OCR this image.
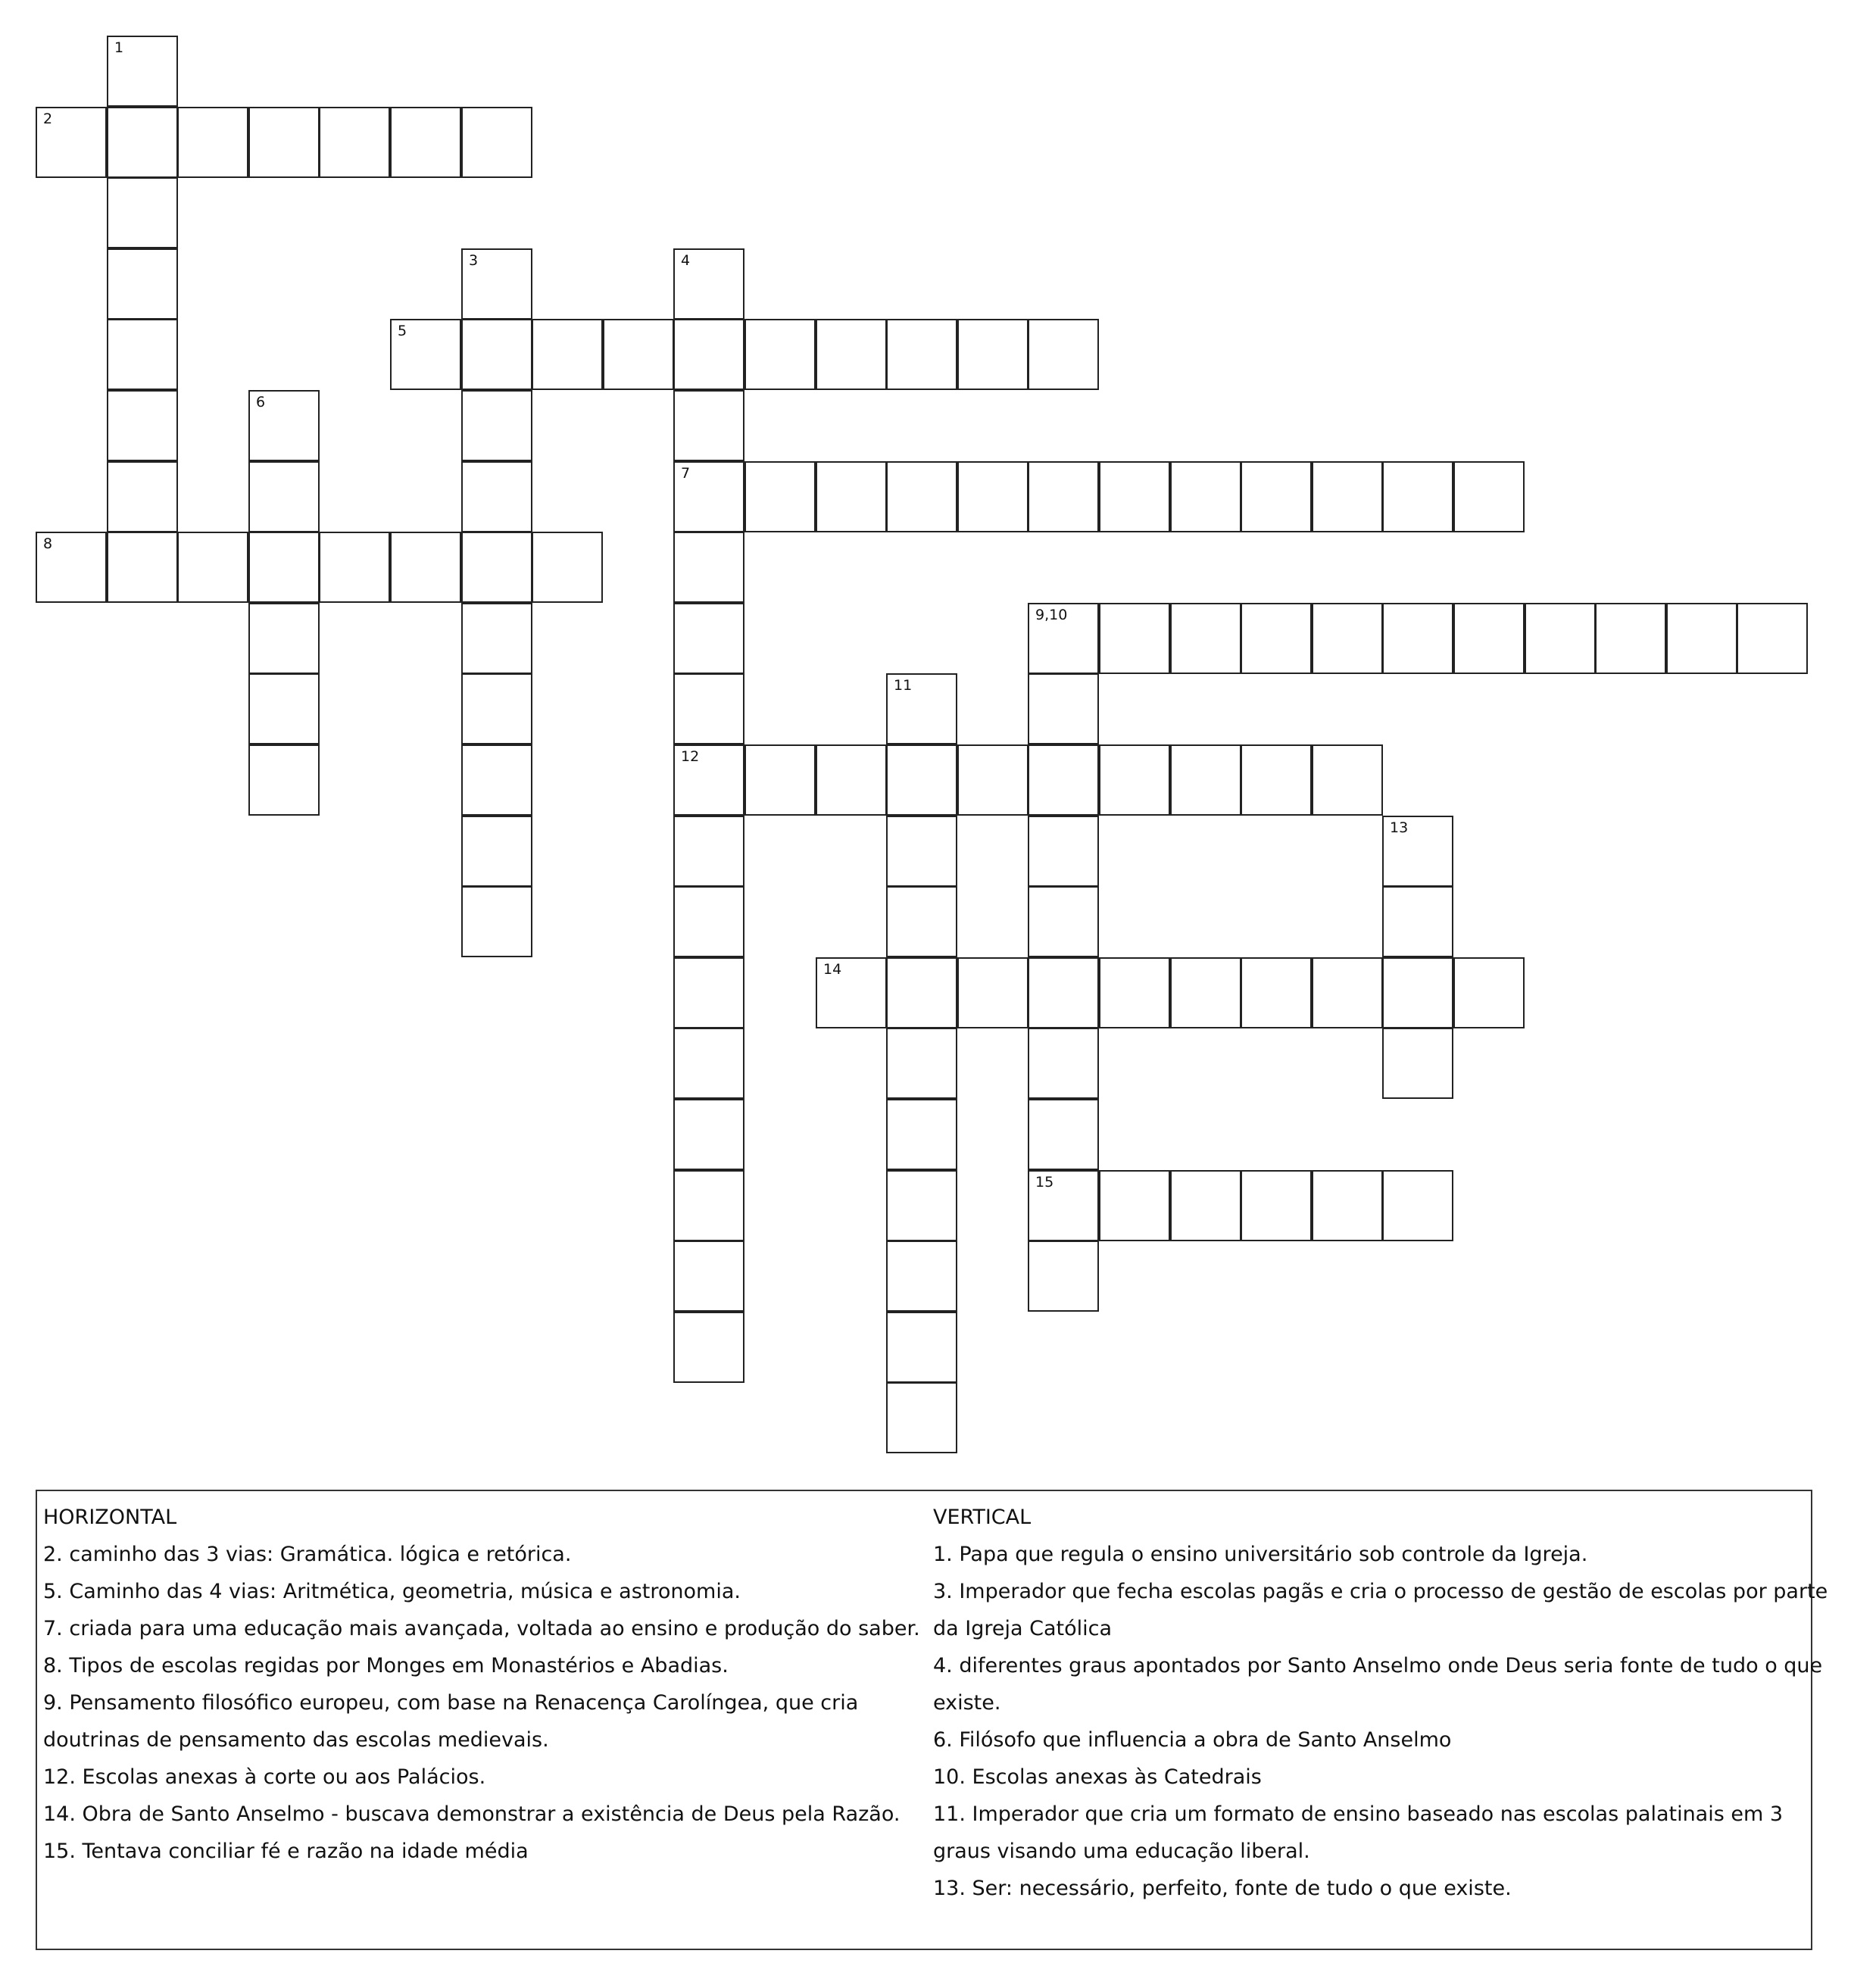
1
2
3	4
7
12
5
6
8
9,10
15
11
13
14
HORIZONTAL
2. caminho das 3 vias: Gramática. lógica e retórica.
5. Caminho das 4 vias: Aritmética, geometria, música e astronomia.
7. criada para uma educação mais avançada, voltada ao ensino e produção do saber.
8. Tipos de escolas regidas por Monges em Monastérios e Abadias.
9. Pensamento filosófico europeu, com base na Renacença Carolíngea, que cria
doutrinas de pensamento das escolas medievais.
12. Escolas anexas à corte ou aos Palácios.
14. Obra de Santo Anselmo - buscava demonstrar a existência de Deus pela Razão.
15. Tentava conciliar fé e razão na idade média
VERTICAL
1. Papa que regula o ensino universitário sob controle da Igreja.
3. Imperador que fecha escolas pagãs e cria o processo de gestão de escolas por parte
da Igreja Católica
4. diferentes graus apontados por Santo Anselmo onde Deus seria fonte de tudo o que
existe.
6. Filósofo que influencia a obra de Santo Anselmo
10. Escolas anexas às Catedrais
11. Imperador que cria um formato de ensino baseado nas escolas palatinais em 3
graus visando uma educação liberal.
13. Ser: necessário, perfeito, fonte de tudo o que existe.
